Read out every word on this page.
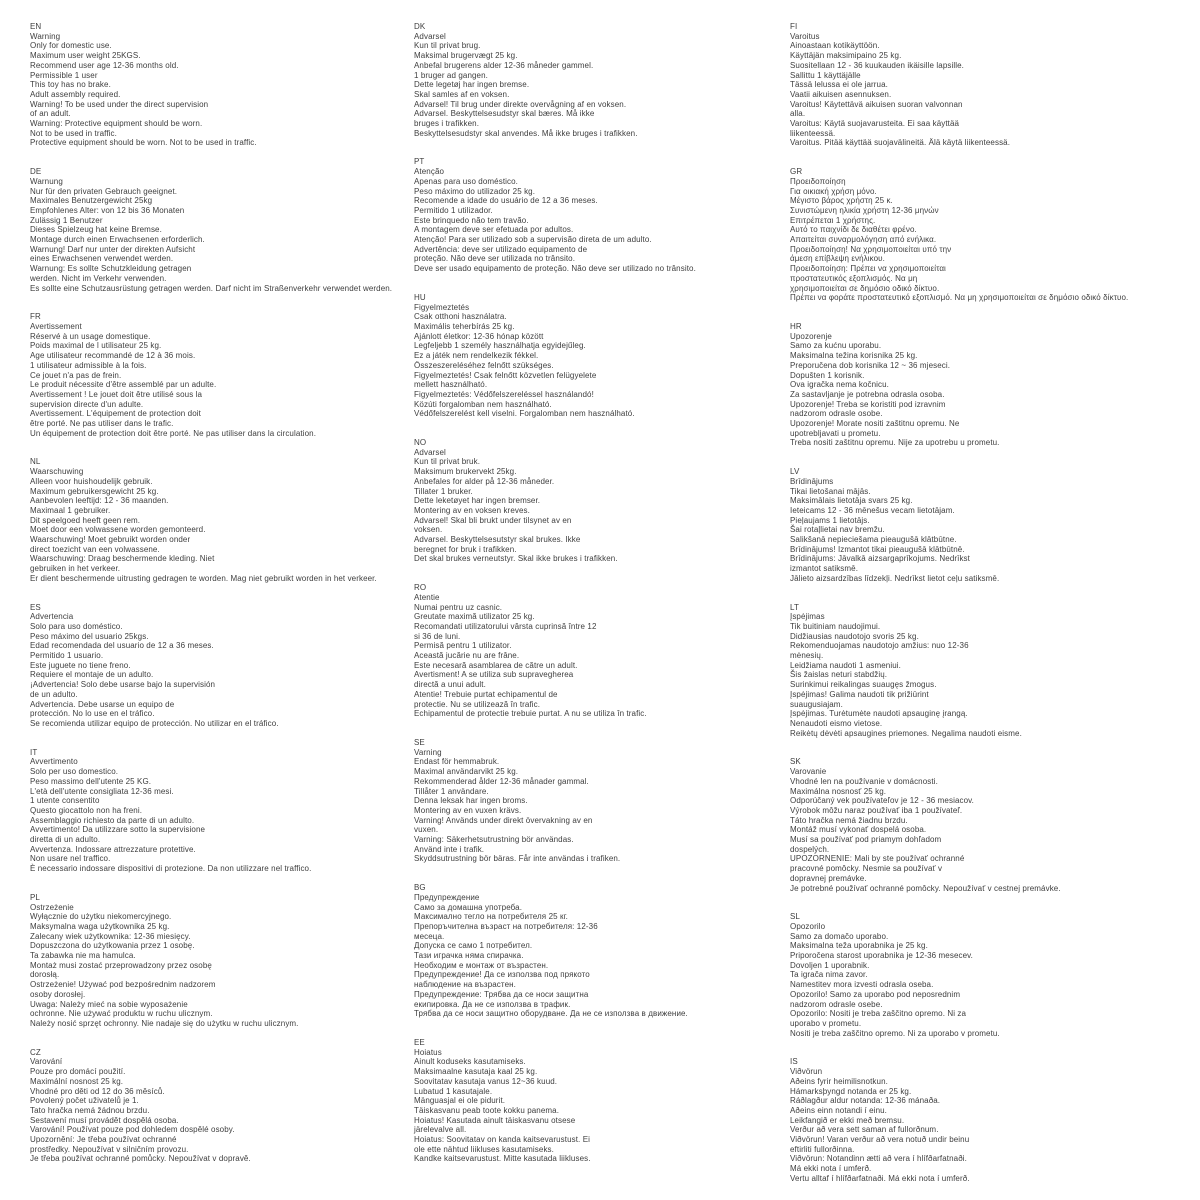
EN
Warning
Only for domestic use.
Maximum user weight 25KGS.
Recommend user age 12-36 months old.
Permissible 1 user
This toy has no brake.
Adult assembly required.
Warning! To be used under the direct supervision
of an adult.
Warning: Protective equipment should be worn.
Not to be used in traffic.
Protective equipment should be worn. Not to be used in traffic.
DE
Warnung
Nur für den privaten Gebrauch geeignet.
Maximales Benutzergewicht 25kg
Empfohlenes Alter: von 12 bis 36 Monaten
Zulässig 1 Benutzer
Dieses Spielzeug hat keine Bremse.
Montage durch einen Erwachsenen erforderlich.
Warnung! Darf nur unter der direkten Aufsicht
eines Erwachsenen verwendet werden.
Warnung: Es sollte Schutzkleidung getragen
werden. Nicht im Verkehr verwenden.
Es sollte eine Schutzausrüstung getragen werden. Darf nicht im Straßenverkehr verwendet werden.
FR
Avertissement
Réservé à un usage domestique.
Poids maximal de l utilisateur 25 kg.
Age utilisateur recommandé de 12 à 36 mois.
1 utilisateur admissible à la fois.
Ce jouet n'a pas de frein.
Le produit nécessite d'être assemblé par un adulte.
Avertissement ! Le jouet doit être utilisé sous la
supervision directe d'un adulte.
Avertissement. L'équipement de protection doit
être porté. Ne pas utiliser dans le trafic.
Un équipement de protection doit être porté. Ne pas utiliser dans la circulation.
NL
Waarschuwing
Alleen voor huishoudelijk gebruik.
Maximum gebruikersgewicht 25 kg.
Aanbevolen leeftijd: 12 - 36 maanden.
Maximaal 1 gebruiker.
Dit speelgoed heeft geen rem.
Moet door een volwassene worden gemonteerd.
Waarschuwing! Moet gebruikt worden onder
direct toezicht van een volwassene.
Waarschuwing: Draag beschermende kleding. Niet
gebruiken in het verkeer.
Er dient beschermende uitrusting gedragen te worden. Mag niet gebruikt worden in het verkeer.
ES
Advertencia
Solo para uso doméstico.
Peso máximo del usuario 25kgs.
Edad recomendada del usuario de 12 a 36 meses.
Permitido 1 usuario.
Este juguete no tiene freno.
Requiere el montaje de un adulto.
¡Advertencia! Solo debe usarse bajo la supervisión
de un adulto.
Advertencia. Debe usarse un equipo de
protección. No lo use en el tráfico.
Se recomienda utilizar equipo de protección. No utilizar en el tráfico.
IT
Avvertimento
Solo per uso domestico.
Peso massimo dell'utente 25 KG.
L'età dell'utente consigliata 12-36 mesi.
1 utente consentito
Questo giocattolo non ha freni.
Assemblaggio richiesto da parte di un adulto.
Avvertimento! Da utilizzare sotto la supervisione
diretta di un adulto.
Avvertenza. Indossare attrezzature protettive.
Non usare nel traffico.
È necessario indossare dispositivi di protezione. Da non utilizzare nel traffico.
PL
Ostrzeżenie
Wyłącznie do użytku niekomercyjnego.
Maksymalna waga użytkownika 25 kg.
Zalecany wiek użytkownika: 12-36 miesięcy.
Dopuszczona do użytkowania przez 1 osobę.
Ta zabawka nie ma hamulca.
Montaż musi zostać przeprowadzony przez osobę
dorosłą.
Ostrzeżenie! Używać pod bezpośrednim nadzorem
osoby dorosłej.
Uwaga: Należy mieć na sobie wyposażenie
ochronne. Nie używać produktu w ruchu ulicznym.
Należy nosić sprzęt ochronny. Nie nadaje się do użytku w ruchu ulicznym.
CZ
Varování
Pouze pro domácí použití.
Maximální nosnost 25 kg.
Vhodné pro děti od 12 do 36 měsíců.
Povolený počet uživatelů je 1.
Tato hračka nemá žádnou brzdu.
Sestavení musí provádět dospělá osoba.
Varování! Používat pouze pod dohledem dospělé osoby.
Upozornění: Je třeba používat ochranné
prostředky. Nepoužívat v silničním provozu.
Je třeba používat ochranné pomůcky. Nepoužívat v dopravě.
DK
Advarsel
Kun til privat brug.
Maksimal brugervægt 25 kg.
Anbefal brugerens alder 12-36 måneder gammel.
1 bruger ad gangen.
Dette legetøj har ingen bremse.
Skal samles af en voksen.
Advarsel! Til brug under direkte overvågning af en voksen.
Advarsel. Beskyttelsesudstyr skal bæres. Må ikke
bruges i trafikken.
Beskyttelsesudstyr skal anvendes. Må ikke bruges i trafikken.
PT
Atenção
Apenas para uso doméstico.
Peso máximo do utilizador 25 kg.
Recomende a idade do usuário de 12 a 36 meses.
Permitido 1 utilizador.
Este brinquedo não tem travão.
A montagem deve ser efetuada por adultos.
Atenção! Para ser utilizado sob a supervisão direta de um adulto.
Advertência: deve ser utilizado equipamento de
proteção. Não deve ser utilizada no trânsito.
Deve ser usado equipamento de proteção. Não deve ser utilizado no trânsito.
HU
Figyelmeztetés
Csak otthoni használatra.
Maximális teherbírás 25 kg.
Ajánlott életkor: 12-36 hónap között
Legfeljebb 1 személy használhatja egyidejűleg.
Ez a játék nem rendelkezik fékkel.
Összeszereléséhez felnőtt szükséges.
Figyelmeztetés! Csak felnőtt közvetlen felügyelete
mellett használható.
Figyelmeztetés: Védőfelszereléssel használandó!
Közúti forgalomban nem használható.
Védőfelszerelést kell viselni. Forgalomban nem használható.
NO
Advarsel
Kun til privat bruk.
Maksimum brukervekt 25kg.
Anbefales for alder på 12-36 måneder.
Tillater 1 bruker.
Dette leketøyet har ingen bremser.
Montering av en voksen kreves.
Advarsel! Skal bli brukt under tilsynet av en
voksen.
Advarsel. Beskyttelsesutstyr skal brukes. Ikke
beregnet for bruk i trafikken.
Det skal brukes verneutstyr. Skal ikke brukes i trafikken.
RO
Atentie
Numai pentru uz casnic.
Greutate maximă utilizator 25 kg.
Recomandati utilizatorului vârsta cuprinsă între 12
si 36 de luni.
Permisă pentru 1 utilizator.
Această jucărie nu are frâne.
Este necesară asamblarea de către un adult.
Avertisment! A se utiliza sub supravegherea
directă a unui adult.
Atentie! Trebuie purtat echipamentul de
protectie. Nu se utilizează în trafic.
Echipamentul de protectie trebuie purtat. A nu se utiliza în trafic.
SE
Varning
Endast för hemmabruk.
Maximal användarvikt 25 kg.
Rekommenderad ålder 12-36 månader gammal.
Tillåter 1 användare.
Denna leksak har ingen broms.
Montering av en vuxen krävs.
Varning! Används under direkt övervakning av en
vuxen.
Varning: Säkerhetsutrustning bör användas.
Använd inte i trafik.
Skyddsutrustning bör bäras. Får inte användas i trafiken.
BG
Предупреждение
Само за домашна употреба.
Максимално тегло на потребителя 25 кг.
Препоръчителна възраст на потребителя: 12-36
месеца.
Допуска се само 1 потребител.
Тази играчка няма спирачка.
Необходим е монтаж от възрастен.
Предупреждение! Да се използва под прякото
наблюдение на възрастен.
Предупреждение: Трябва да се носи защитна
екипировка. Да не се използва в трафик.
Трябва да се носи защитно оборудване. Да не се използва в движение.
EE
Hoiatus
Ainult koduseks kasutamiseks.
Maksimaalne kasutaja kaal 25 kg.
Soovitatav kasutaja vanus 12~36 kuud.
Lubatud 1 kasutajale.
Mänguasjal ei ole pidurit.
Täiskasvanu peab toote kokku panema.
Hoiatus! Kasutada ainult täiskasvanu otsese
järelevalve all.
Hoiatus: Soovitatav on kanda kaitsevarustust. Ei
ole ette nähtud liikluses kasutamiseks.
Kandke kaitsevarustust. Mitte kasutada liikluses.
FI
Varoitus
Ainoastaan kotikäyttöön.
Käyttäjän maksimipaino 25 kg.
Suositellaan 12 - 36 kuukauden ikäisille lapsille.
Sallittu 1 käyttäjälle
Tässä lelussa ei ole jarrua.
Vaatii aikuisen asennuksen.
Varoitus! Käytettävä aikuisen suoran valvonnan
alla.
Varoitus: Käytä suojavarusteita. Ei saa käyttää
liikenteessä.
Varoitus. Pitää käyttää suojavälineitä. Älä käytä liikenteessä.
GR
Προειδοποίηση
Για οικιακή χρήση μόνο.
Μέγιστο βάρος χρήστη 25 κ.
Συνιστώμενη ηλικία χρήστη 12-36 μηνών
Επιτρέπεται 1 χρήστης.
Αυτό το παιχνίδι δε διαθέτει φρένο.
Απαιτείται συναρμολόγηση από ενήλικα.
Προειδοποίηση! Να χρησιμοποιείται υπό την
άμεση επίβλεψη ενήλικου.
Προειδοποίηση: Πρέπει να χρησιμοποιείται
προστατευτικός εξοπλισμός. Να μη
χρησιμοποιείται σε δημόσιο οδικό δίκτυο.
Πρέπει να φοράτε προστατευτικό εξοπλισμό. Να μη χρησιμοποιείται σε δημόσιο οδικό δίκτυο.
HR
Upozorenje
Samo za kućnu uporabu.
Maksimalna težina korisnika 25 kg.
Preporučena dob korisnika 12 ~ 36 mjeseci.
Dopušten 1 korisnik.
Ova igračka nema kočnicu.
Za sastavljanje je potrebna odrasla osoba.
Upozorenje! Treba se koristiti pod izravnim
nadzorom odrasle osobe.
Upozorenje! Morate nositi zaštitnu opremu. Ne
upotrebljavati u prometu.
Treba nositi zaštitnu opremu. Nije za upotrebu u prometu.
LV
Brīdinājums
Tikai lietošanai mājās.
Maksimālais lietotāja svars 25 kg.
Ieteicams 12 - 36 mēnešus vecam lietotājam.
Pieļaujams 1 lietotājs.
Šai rotaļlietai nav bremžu.
Salikšanā nepieciešama pieaugušā klātbūtne.
Brīdinājums! Izmantot tikai pieaugušā klātbūtnē.
Brīdinājums: Jāvalkā aizsargaprīkojums. Nedrīkst
izmantot satiksmē.
Jālieto aizsardzības līdzekļi. Nedrīkst lietot ceļu satiksmē.
LT
Įspėjimas
Tik buitiniam naudojimui.
Didžiausias naudotojo svoris 25 kg.
Rekomenduojamas naudotojo amžius: nuo 12-36
mėnesių.
Leidžiama naudoti 1 asmeniui.
Šis žaislas neturi stabdžių.
Surinkimui reikalingas suaugęs žmogus.
Įspėjimas! Galima naudoti tik prižiūrint
suaugusiajam.
Įspėjimas. Turėtumėte naudoti apsauginę įrangą.
Nenaudoti eismo vietose.
Reikėtų dėvėti apsaugines priemones. Negalima naudoti eisme.
SK
Varovanie
Vhodné len na používanie v domácnosti.
Maximálna nosnosť 25 kg.
Odporúčaný vek používateľov je 12 - 36 mesiacov.
Výrobok môžu naraz používať iba 1 používateľ.
Táto hračka nemá žiadnu brzdu.
Montáž musí vykonať dospelá osoba.
Musí sa používať pod priamym dohľadom
dospelých.
UPOZORNENIE: Mali by ste používať ochranné
pracovné pomôcky. Nesmie sa používať v
dopravnej premávke.
Je potrebné používať ochranné pomôcky. Nepoužívať v cestnej premávke.
SL
Opozorilo
Samo za domačo uporabo.
Maksimalna teža uporabnika je 25 kg.
Priporočena starost uporabnika je 12-36 mesecev.
Dovoljen 1 uporabnik.
Ta igrača nima zavor.
Namestitev mora izvesti odrasla oseba.
Opozorilo! Samo za uporabo pod neposrednim
nadzorom odrasle osebe.
Opozorilo: Nositi je treba zaščitno opremo. Ni za
uporabo v prometu.
Nositi je treba zaščitno opremo. Ni za uporabo v prometu.
IS
Viðvörun
Aðeins fyrir heimilisnotkun.
Hámarksþyngd notanda er 25 kg.
Ráðlagður aldur notanda: 12-36 mánaða.
Aðeins einn notandi í einu.
Leikfangið er ekki með bremsu.
Verður að vera sett saman af fullorðnum.
Viðvörun! Varan verður að vera notuð undir beinu
eftirliti fullorðinna.
Viðvörun: Notandinn ætti að vera í hlífðarfatnaði.
Má ekki nota í umferð.
Vertu alltaf í hlífðarfatnaði. Má ekki nota í umferð.
